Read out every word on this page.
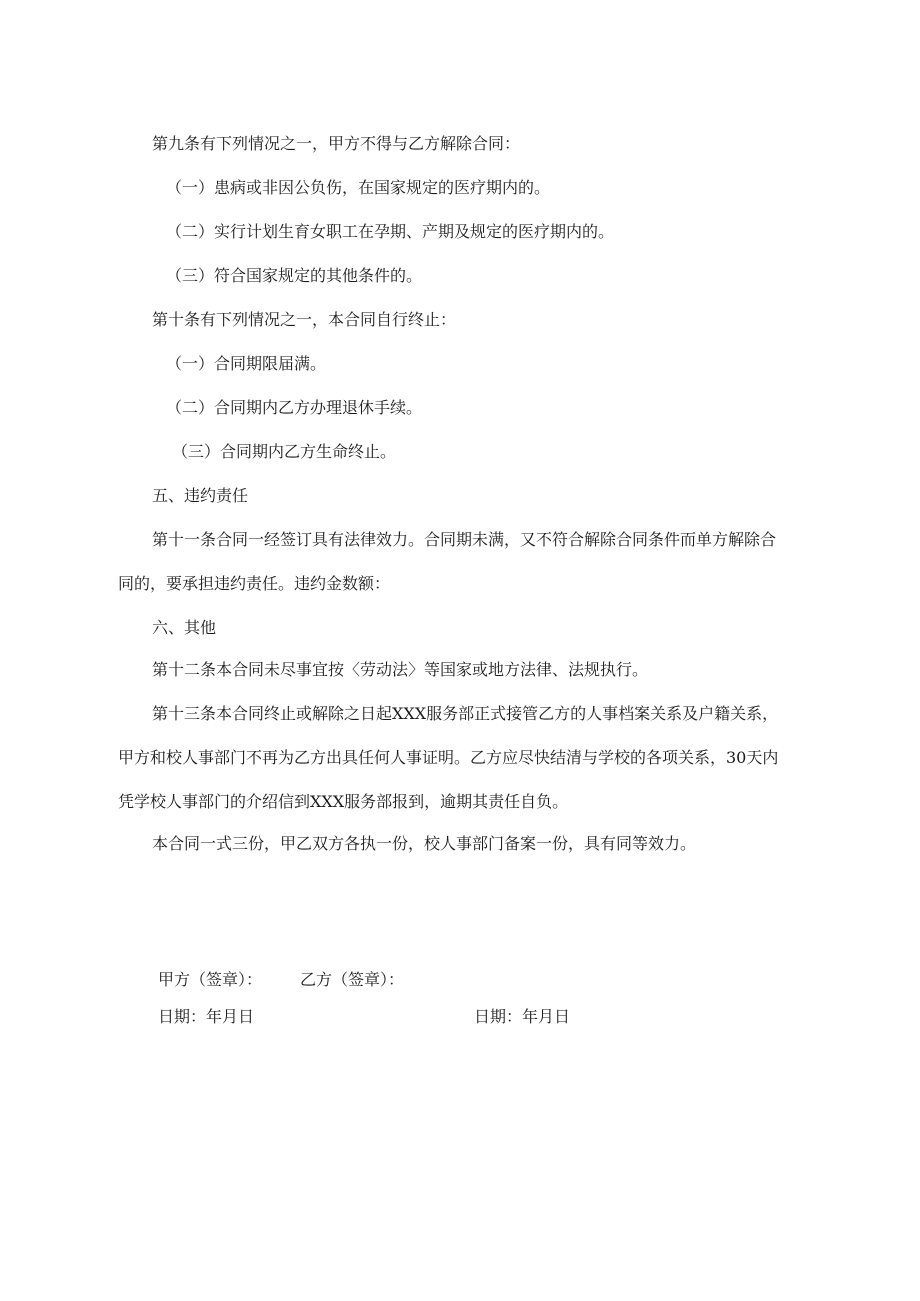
第九条有下列情况之一，甲方不得与乙方解除合同：
（一）患病或非因公负伤，在国家规定的医疗期内的。
（二）实行计划生育女职工在孕期、产期及规定的医疗期内的。
（三）符合国家规定的其他条件的。
第十条有下列情况之一，本合同自行终止：
（一）合同期限届满。
（二）合同期内乙方办理退休手续。
（三）合同期内乙方生命终止。
五、违约责任
第十一条合同一经签订具有法律效力。合同期未满，又不符合解除合同条件而单方解除合
同的，要承担违约责任。违约金数额：
六、其他
第十二条本合同未尽事宜按〈劳动法〉等国家或地方法律、法规执行。
第十三条本合同终止或解除之日起XXX服务部正式接管乙方的人事档案关系及户籍关系，
甲方和校人事部门不再为乙方出具任何人事证明。乙方应尽快结清与学校的各项关系，30天内
凭学校人事部门的介绍信到XXX服务部报到，逾期其责任自负。
本合同一式三份，甲乙双方各执一份，校人事部门备案一份，具有同等效力。
甲方（签章）： 乙方（签章）：
日期：年月日	日期：年月日
